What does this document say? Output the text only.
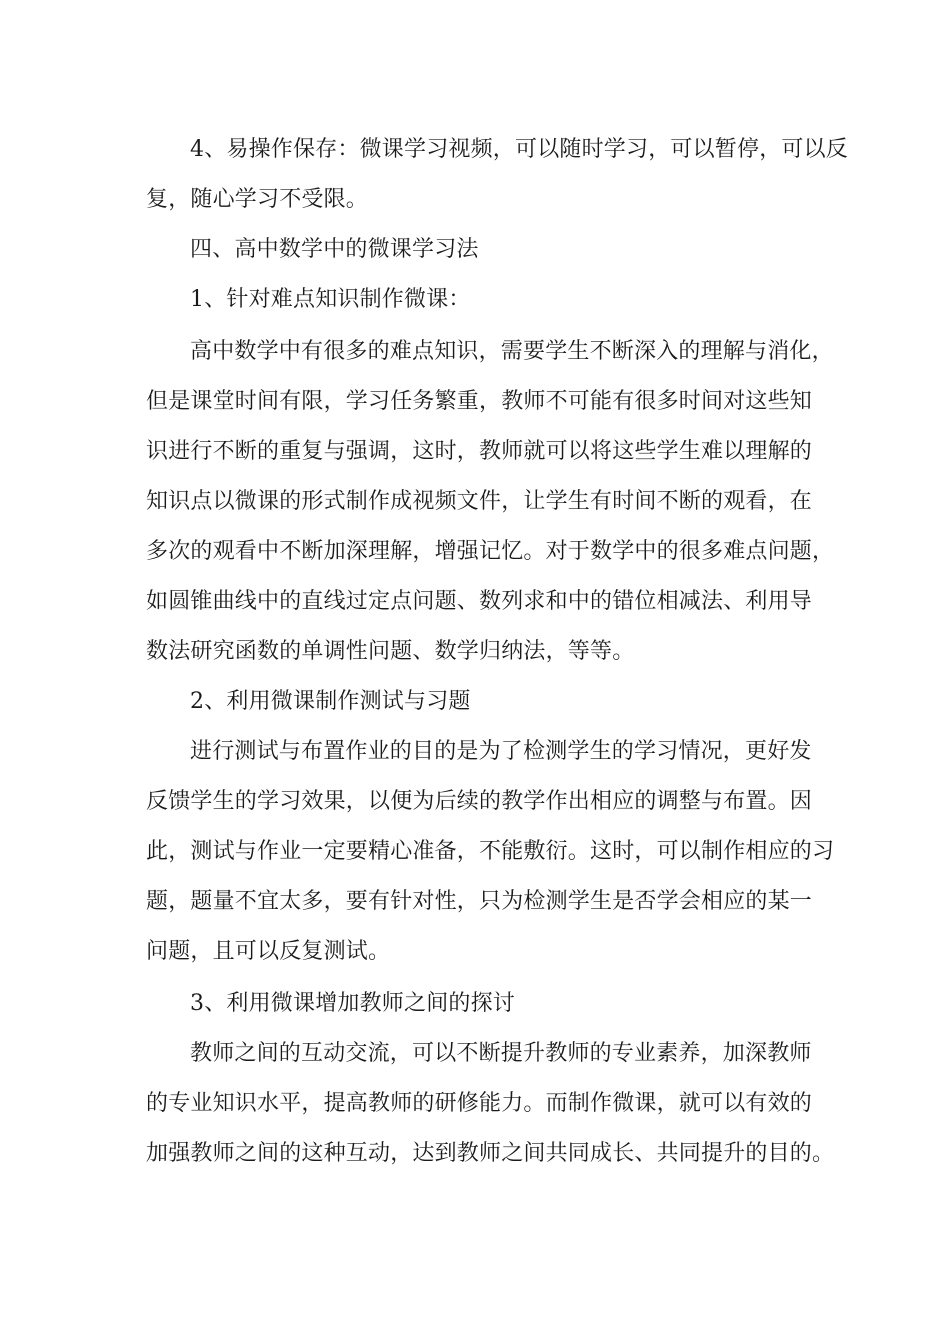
4、易操作保存：微课学习视频，可以随时学习，可以暂停，可以反
复，随心学习不受限。
四、高中数学中的微课学习法
1、针对难点知识制作微课：
高中数学中有很多的难点知识，需要学生不断深入的理解与消化，
但是课堂时间有限，学习任务繁重，教师不可能有很多时间对这些知
识进行不断的重复与强调，这时，教师就可以将这些学生难以理解的
知识点以微课的形式制作成视频文件，让学生有时间不断的观看，在
多次的观看中不断加深理解，增强记忆。对于数学中的很多难点问题，
如圆锥曲线中的直线过定点问题、数列求和中的错位相减法、利用导
数法研究函数的单调性问题、数学归纳法，等等。
2、利用微课制作测试与习题
进行测试与布置作业的目的是为了检测学生的学习情况，更好发
反馈学生的学习效果，以便为后续的教学作出相应的调整与布置。因
此，测试与作业一定要精心准备，不能敷衍。这时，可以制作相应的习
题，题量不宜太多，要有针对性，只为检测学生是否学会相应的某一
问题，且可以反复测试。
3、利用微课增加教师之间的探讨
教师之间的互动交流，可以不断提升教师的专业素养，加深教师
的专业知识水平，提高教师的研修能力。而制作微课，就可以有效的
加强教师之间的这种互动，达到教师之间共同成长、共同提升的目的。
